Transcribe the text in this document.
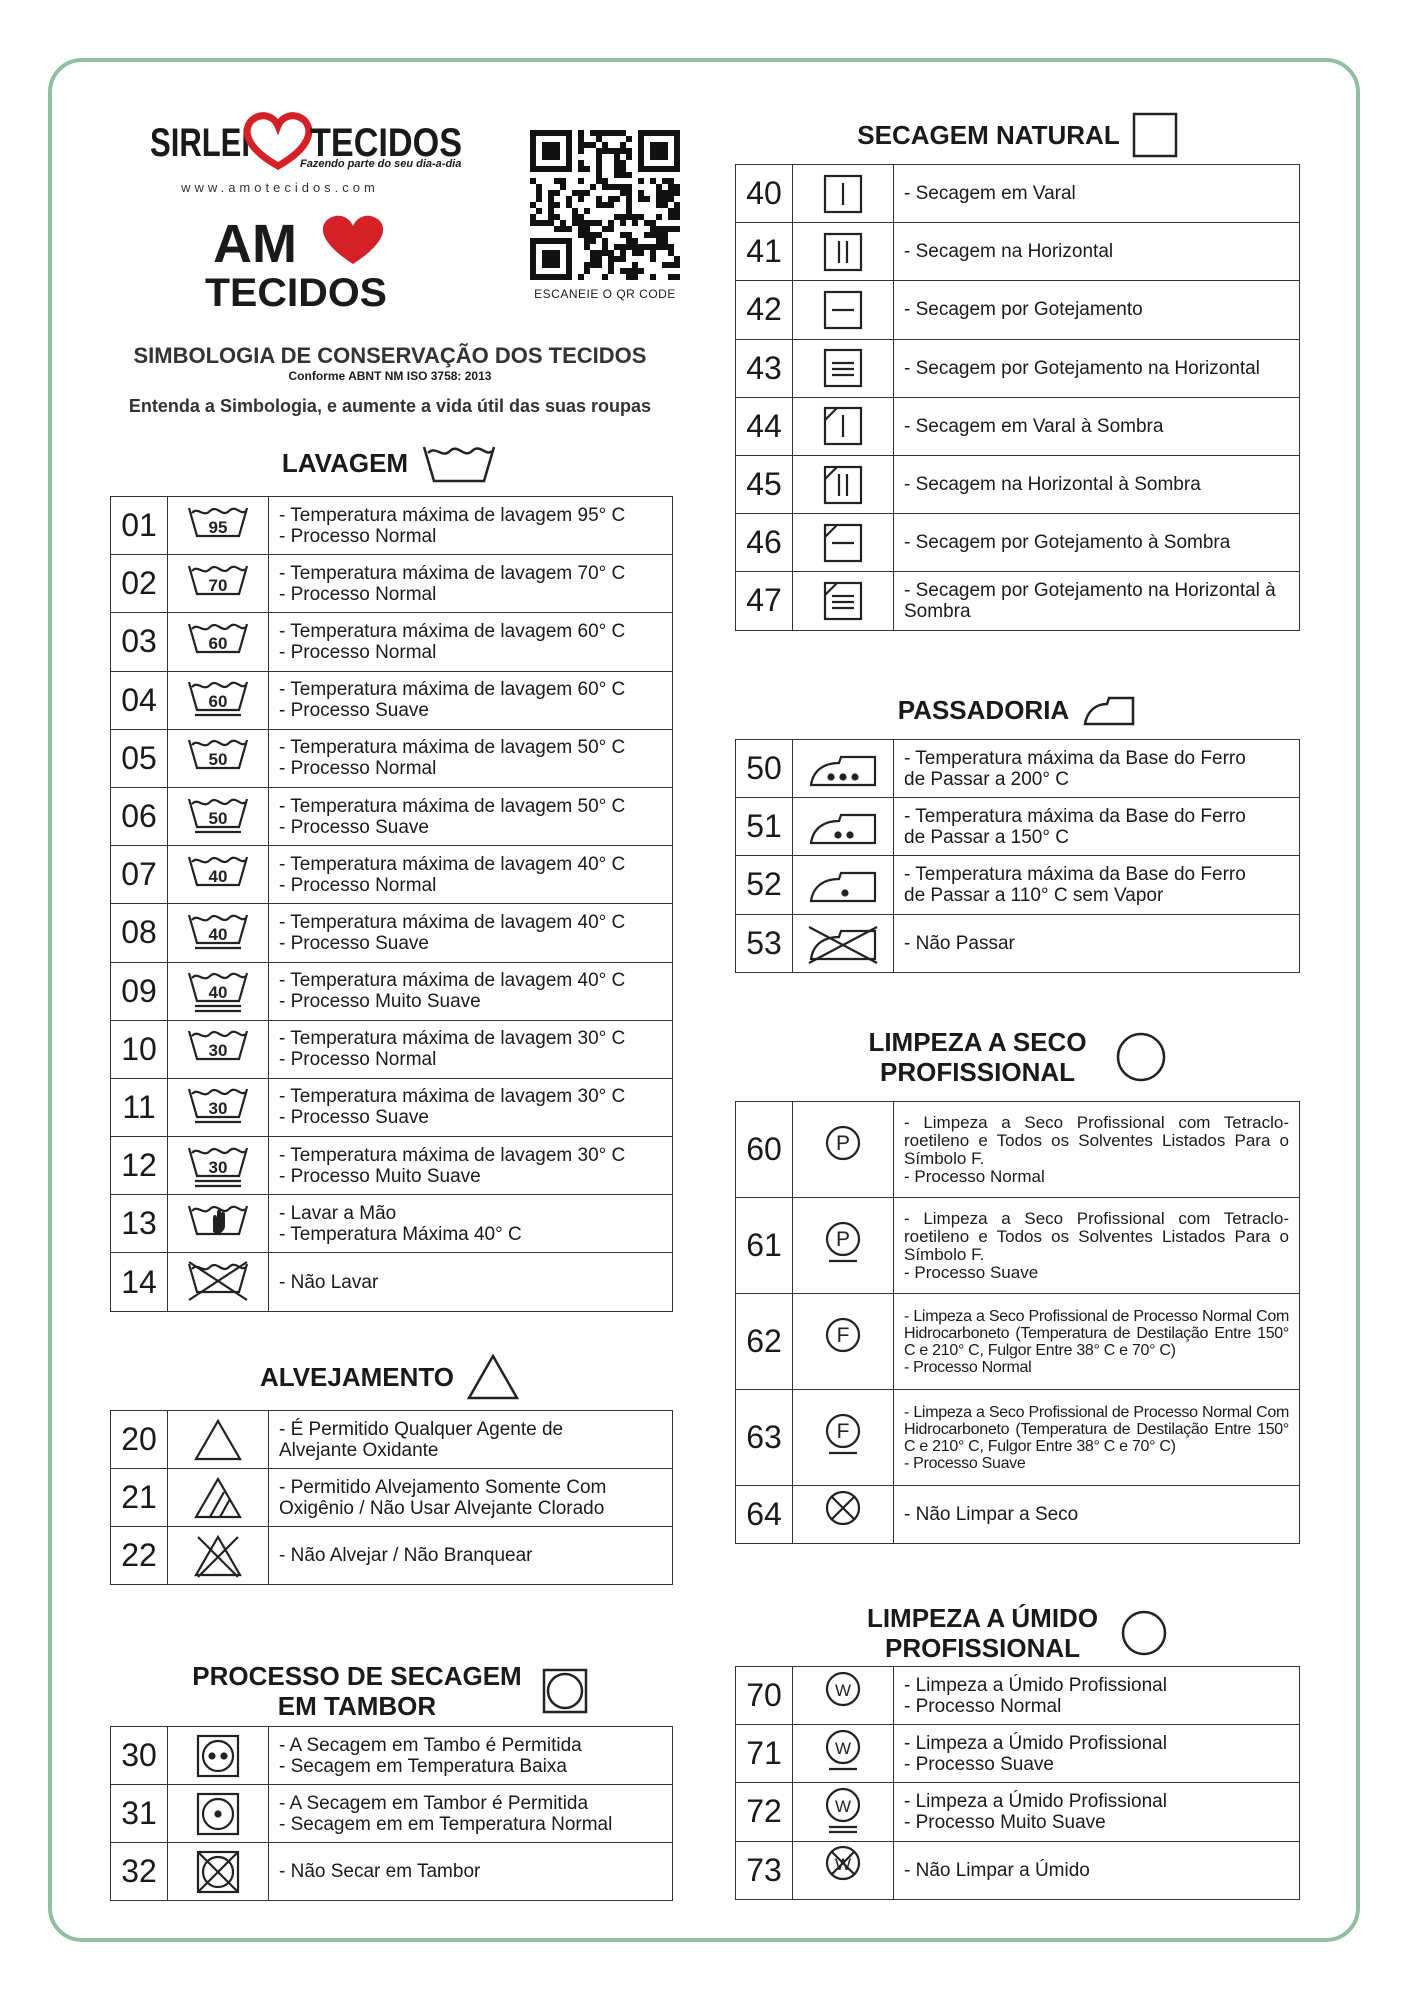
SIRLEI TECIDOS
Fazendo parte do seu dia-a-dia
www.amotecidos.com
AM
TECIDOS	ESCANEIE O QR CODE
SIMBOLOGIA DE CONSERVAÇÃO DOS TECIDOS
Conforme ABNT NM ISO 3758: 2013
Entenda a Simbologia, e aumente a vida útil das suas roupas
LAVAGEM
01	95	- Temperatura máxima de lavagem 95° C

- Processo Normal

02	70	- Temperatura máxima de lavagem 70° C

- Processo Normal

03	60	- Temperatura máxima de lavagem 60° C

- Processo Normal

04	60	- Temperatura máxima de lavagem 60° C

- Processo Suave

05	50	- Temperatura máxima de lavagem 50° C

- Processo Normal

06	50	- Temperatura máxima de lavagem 50° C

- Processo Suave

07	40	- Temperatura máxima de lavagem 40° C

- Processo Normal

08	40	- Temperatura máxima de lavagem 40° C

- Processo Suave

09	40	- Temperatura máxima de lavagem 40° C

- Processo Muito Suave

10	30	- Temperatura máxima de lavagem 30° C

- Processo Normal

11	30	- Temperatura máxima de lavagem 30° C

- Processo Suave

12	30	- Temperatura máxima de lavagem 30° C

- Processo Muito Suave

13		- Lavar a Mão

- Temperatura Máxima 40° C

14		- Não Lavar

ALVEJAMENTO
20		- É Permitido Qualquer Agente de

Alvejante Oxidante

21		- Permitido Alvejamento Somente Com

Oxigênio / Não Usar Alvejante Clorado

22		- Não Alvejar / Não Branquear

PROCESSO DE SECAGEM
EM TAMBOR
30		- A Secagem em Tambo é Permitida

- Secagem em Temperatura Baixa

31		- A Secagem em Tambor é Permitida

- Secagem em em Temperatura Normal

32		- Não Secar em Tambor

SECAGEM NATURAL
40		- Secagem em Varal

41		- Secagem na Horizontal

42		- Secagem por Gotejamento

43		- Secagem por Gotejamento na Horizontal

44		- Secagem em Varal à Sombra

45		- Secagem na Horizontal à Sombra

46		- Secagem por Gotejamento à Sombra

47		- Secagem por Gotejamento na Horizontal à

Sombra

PASSADORIA
50		- Temperatura máxima da Base do Ferro

de Passar a 200° C

51		- Temperatura máxima da Base do Ferro

de Passar a 150° C

52		- Temperatura máxima da Base do Ferro

de Passar a 110° C sem Vapor

53		- Não Passar

LIMPEZA A SECO
PROFISSIONAL
60	P	- Limpeza a Seco Profissional com Tetraclo-roetileno e Todos os Solventes Listados Para o Símbolo F.

- Processo Normal

61	P	- Limpeza a Seco Profissional com Tetraclo-roetileno e Todos os Solventes Listados Para o Símbolo F.

- Processo Suave

62	F	- Limpeza a Seco Profissional de Processo Normal Com Hidrocarboneto (Temperatura de Destilação Entre 150° C e 210° C, Fulgor Entre 38° C e 70° C)

- Processo Normal

63	F	- Limpeza a Seco Profissional de Processo Normal Com Hidrocarboneto (Temperatura de Destilação Entre 150° C e 210° C, Fulgor Entre 38° C e 70° C)

- Processo Suave

64		- Não Limpar a Seco

LIMPEZA A ÚMIDO
PROFISSIONAL
70	W	- Limpeza a Úmido Profissional

- Processo Normal

71	W	- Limpeza a Úmido Profissional

- Processo Suave

72	W	- Limpeza a Úmido Profissional

- Processo Muito Suave

73	W	- Não Limpar a Úmido
